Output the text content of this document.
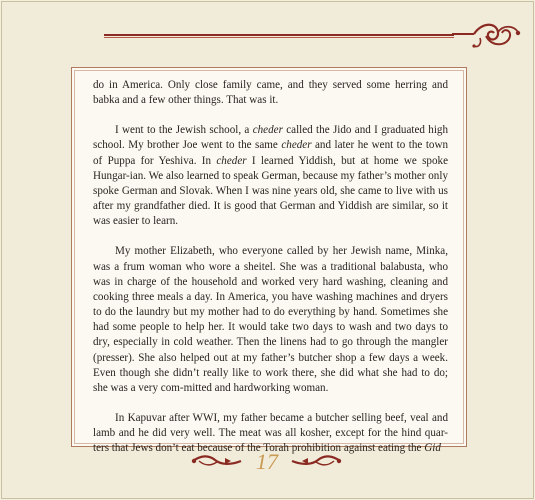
do in America. Only close family came, and they served some herring and babka and a few other things. That was it.

I went to the Jewish school, a cheder called the Jido and I graduated high school. My brother Joe went to the same cheder and later he went to the town of Puppa for Yeshiva. In cheder I learned Yiddish, but at home we spoke Hungar-ian. We also learned to speak German, because my father’s mother only spoke German and Slovak. When I was nine years old, she came to live with us after my grandfather died. It is good that German and Yiddish are similar, so it was easier to learn.

My mother Elizabeth, who everyone called by her Jewish name, Minka, was a frum woman who wore a sheitel. She was a traditional balabusta, who was in charge of the household and worked very hard washing, cleaning and cooking three meals a day. In America, you have washing machines and dryers to do the laundry but my mother had to do everything by hand. Sometimes she had some people to help her. It would take two days to wash and two days to dry, especially in cold weather. Then the linens had to go through the mangler (presser). She also helped out at my father’s butcher shop a few days a week. Even though she didn’t really like to work there, she did what she had to do; she was a very com-mitted and hardworking woman.

In Kapuvar after WWI, my father became a butcher selling beef, veal and lamb and he did very well. The meat was all kosher, except for the hind quar-ters that Jews don’t eat because of the Torah prohibition against eating the Gid

17
